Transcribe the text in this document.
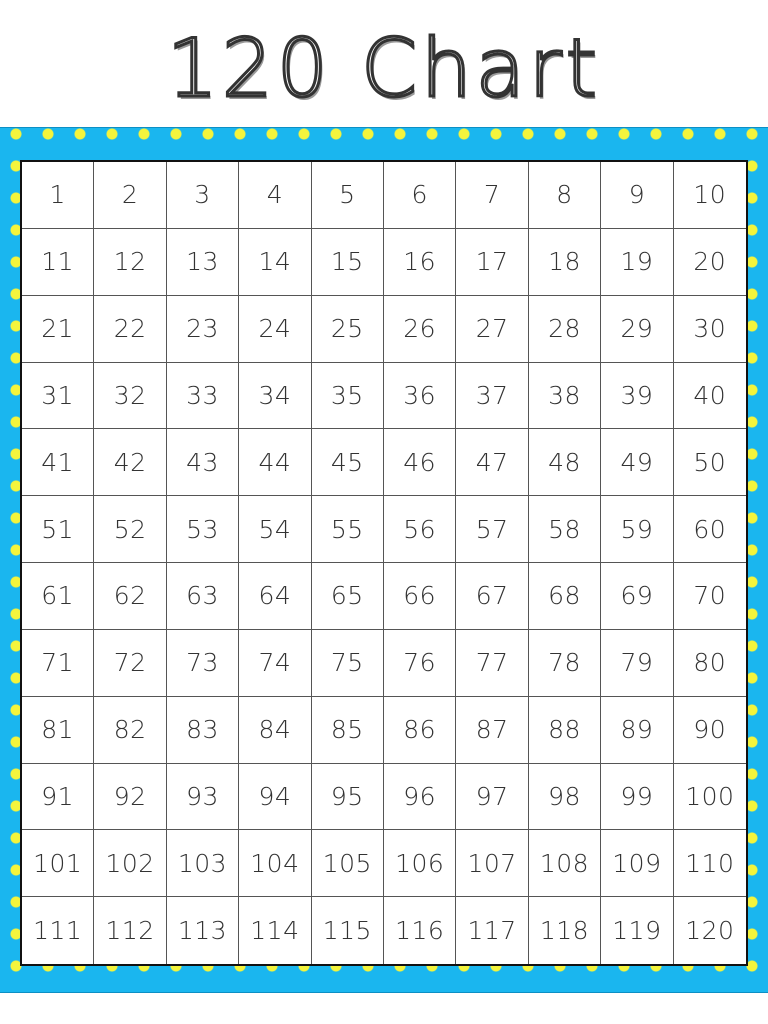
120 Chart
1	2	3	4	5	6	7	8	9	10
11	12	13	14	15	16	17	18	19	20
21	22	23	24	25	26	27	28	29	30
31	32	33	34	35	36	37	38	39	40
41	42	43	44	45	46	47	48	49	50
51	52	53	54	55	56	57	58	59	60
61	62	63	64	65	66	67	68	69	70
71	72	73	74	75	76	77	78	79	80
81	82	83	84	85	86	87	88	89	90
91	92	93	94	95	96	97	98	99	100
101 102 103 104 105 106 107 108 109 110
111 112 113 114 115 116 117 118 119 120
